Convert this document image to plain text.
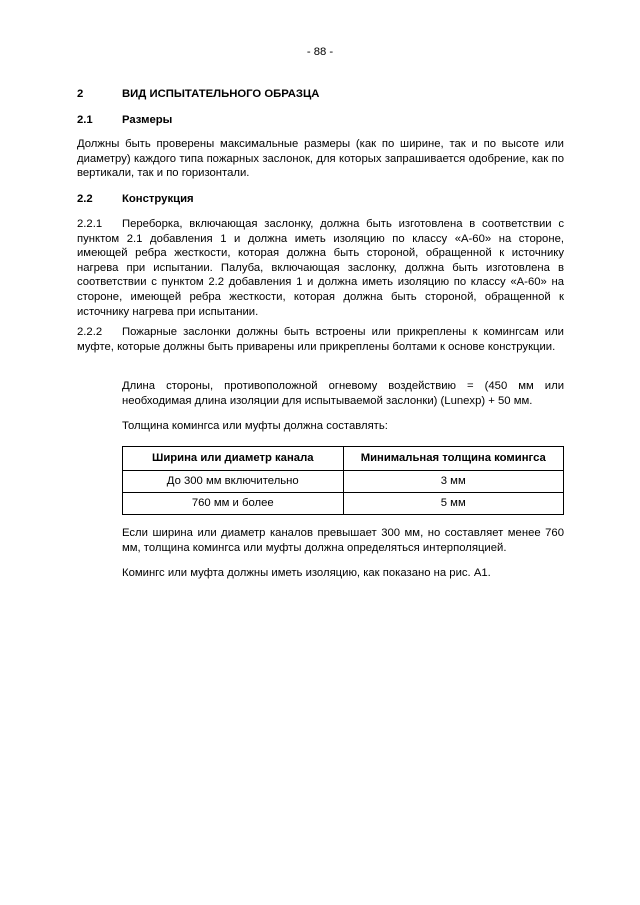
- 88 -
2	ВИД ИСПЫТАТЕЛЬНОГО ОБРАЗЦА
2.1	Размеры
Должны быть проверены максимальные размеры (как по ширине, так и по высоте или диаметру) каждого типа пожарных заслонок, для которых запрашивается одобрение, как по вертикали, так и по горизонтали.
2.2	Конструкция
2.2.1 Переборка, включающая заслонку, должна быть изготовлена в соответствии с пунктом 2.1 добавления 1 и должна иметь изоляцию по классу «A-60» на стороне, имеющей ребра жесткости, которая должна быть стороной, обращенной к источнику нагрева при испытании. Палуба, включающая заслонку, должна быть изготовлена в соответствии с пунктом 2.2 добавления 1 и должна иметь изоляцию по классу «A-60» на стороне, имеющей ребра жесткости, которая должна быть стороной, обращенной к источнику нагрева при испытании.
2.2.2 Пожарные заслонки должны быть встроены или прикреплены к комингсам или муфте, которые должны быть приварены или прикреплены болтами к основе конструкции.
Длина стороны, противоположной огневому воздействию = (450 мм или необходимая длина изоляции для испытываемой заслонки) (Lunexp) + 50 мм.
Толщина комингса или муфты должна составлять:
Ширина или диаметр канала	Минимальная толщина комингса
До 300 мм включительно	3 мм
760 мм и более	5 мм
Если ширина или диаметр каналов превышает 300 мм, но составляет менее 760 мм, толщина комингса или муфты должна определяться интерполяцией.
Комингс или муфта должны иметь изоляцию, как показано на рис. А1.
